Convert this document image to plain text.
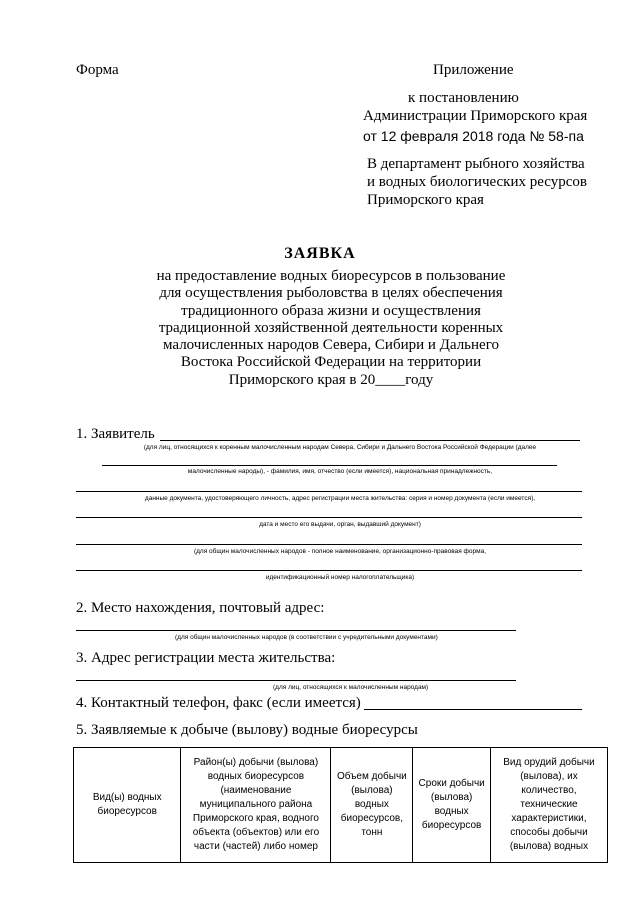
Форма	Приложение
к постановлению
Администрации Приморского края
от 12 февраля 2018 года № 58-па
В департамент рыбного хозяйства
и водных биологических ресурсов
Приморского края
ЗАЯВКА
на предоставление водных биоресурсов в пользование
для осуществления рыболовства в целях обеспечения
традиционного образа жизни и осуществления
традиционной хозяйственной деятельности коренных
малочисленных народов Севера, Сибири и Дальнего
Востока Российской Федерации на территории
Приморского края в 20____году
1. Заявитель
(для лиц, относящихся к коренным малочисленным народам Севера, Сибири и Дальнего Востока Российской Федерации (далее
малочисленные народы), - фамилия, имя, отчество (если имеется), национальная принадлежность,
данные документа, удостоверяющего личность, адрес регистрации места жительства: серия и номер документа (если имеется),
дата и место его выдачи, орган, выдавший документ)
(для общин малочисленных народов - полное наименование, организационно-правовая форма,
идентификационный номер налогоплательщика)
2. Место нахождения, почтовый адрес:
(для общин малочисленных народов (в соответствии с учредительными документами)
3. Адрес регистрации места жительства:
(для лиц, относящихся к малочисленным народам)
4. Контактный телефон, факс (если имеется)
5. Заявляемые к добыче (вылову) водные биоресурсы
Вид(ы) водных биоресурсов	Район(ы) добычи (вылова) водных биоресурсов (наименование муниципального района Приморского края, водного объекта (объектов) или его части (частей) либо номер	Объем добычи (вылова) водных биоресурсов, тонн	Сроки добычи (вылова) водных биоресурсов	Вид орудий добычи (вылова), их количество, технические характеристики, способы добычи (вылова) водных
